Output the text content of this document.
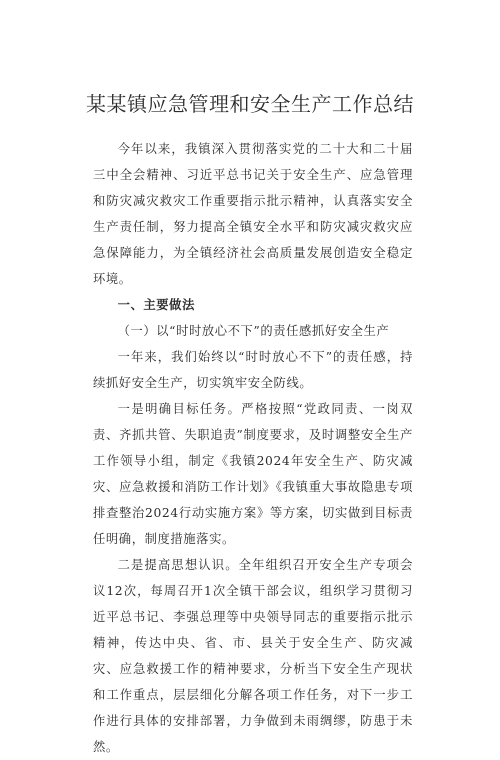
某某镇应急管理和安全生产工作总结

今年以来，我镇深入贯彻落实党的二十大和二十届三中全会精神、习近平总书记关于安全生产、应急管理和防灾减灾救灾工作重要指示批示精神，认真落实安全生产责任制，努力提高全镇安全水平和防灾减灾救灾应急保障能力，为全镇经济社会高质量发展创造安全稳定环境。

一、主要做法
（一）以“时时放心不下”的责任感抓好安全生产

一年来，我们始终以“时时放心不下”的责任感，持续抓好安全生产，切实筑牢安全防线。

一是明确目标任务。严格按照“党政同责、一岗双责、齐抓共管、失职追责”制度要求，及时调整安全生产工作领导小组，制定《我镇2024年安全生产、防灾减灾、应急救援和消防工作计划》《我镇重大事故隐患专项排查整治2024行动实施方案》等方案，切实做到目标责任明确，制度措施落实。

二是提高思想认识。全年组织召开安全生产专项会议12次，每周召开1次全镇干部会议，组织学习贯彻习近平总书记、李强总理等中央领导同志的重要指示批示精神，传达中央、省、市、县关于安全生产、防灾减灾、应急救援工作的精神要求，分析当下安全生产现状和工作重点，层层细化分解各项工作任务，对下一步工作进行具体的安排部署，力争做到未雨绸缪，防患于未然。
